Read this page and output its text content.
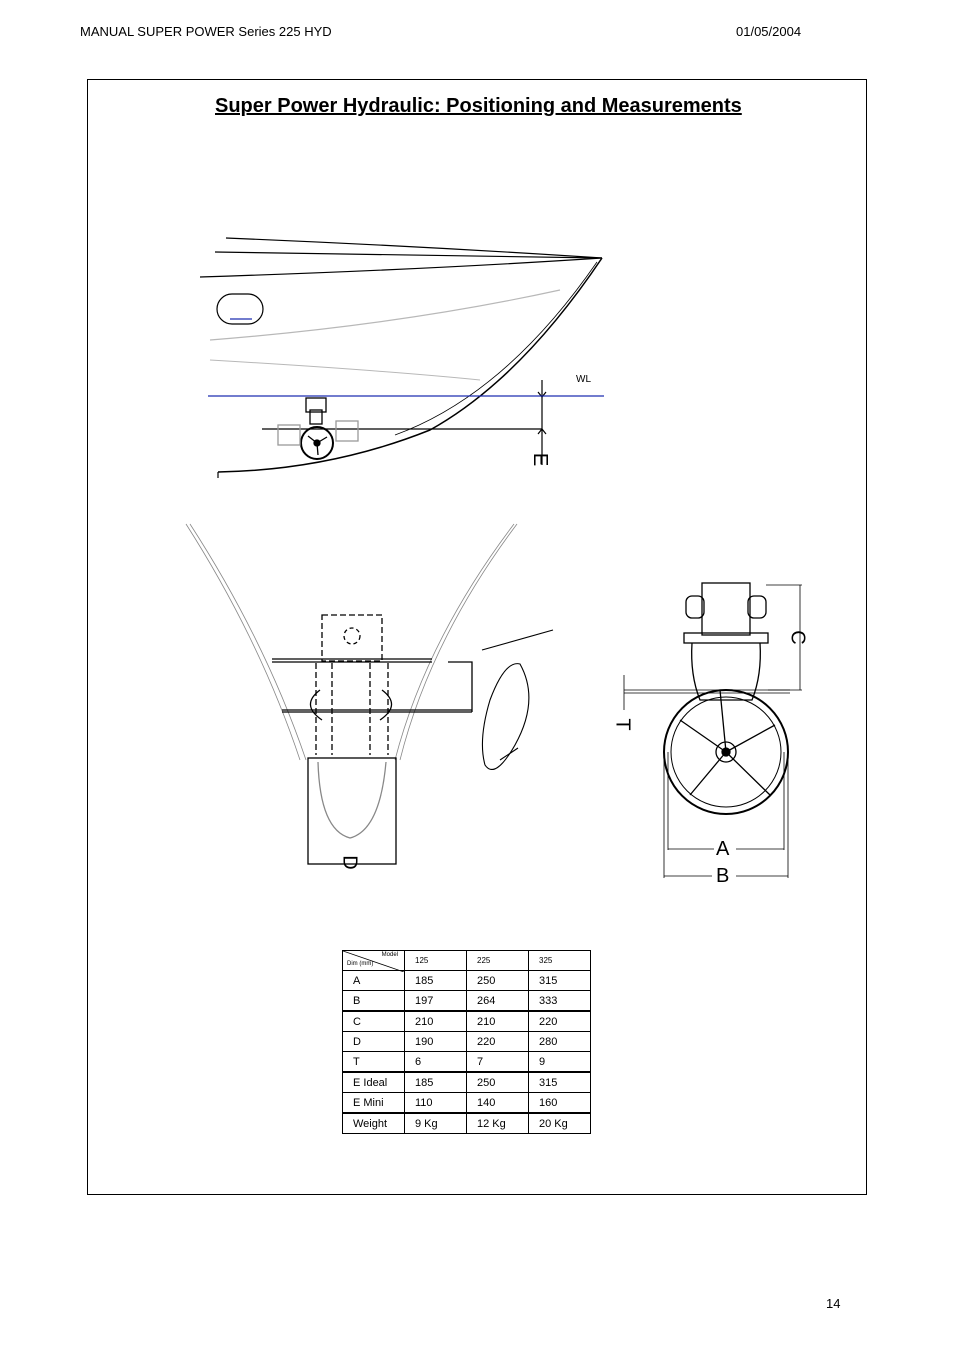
MANUAL SUPER POWER Series 225 HYD	01/05/2004
Super Power Hydraulic: Positioning and Measurements
WL
E
D
C
T
A
B
Model
Dim (mm)	125	225	325
A	185	250	315
B	197	264	333
C	210	210	220
D	190	220	280
T	6	7	9
E Ideal	185	250	315
E Mini	110	140	160
Weight	9 Kg	12 Kg	20 Kg
14
